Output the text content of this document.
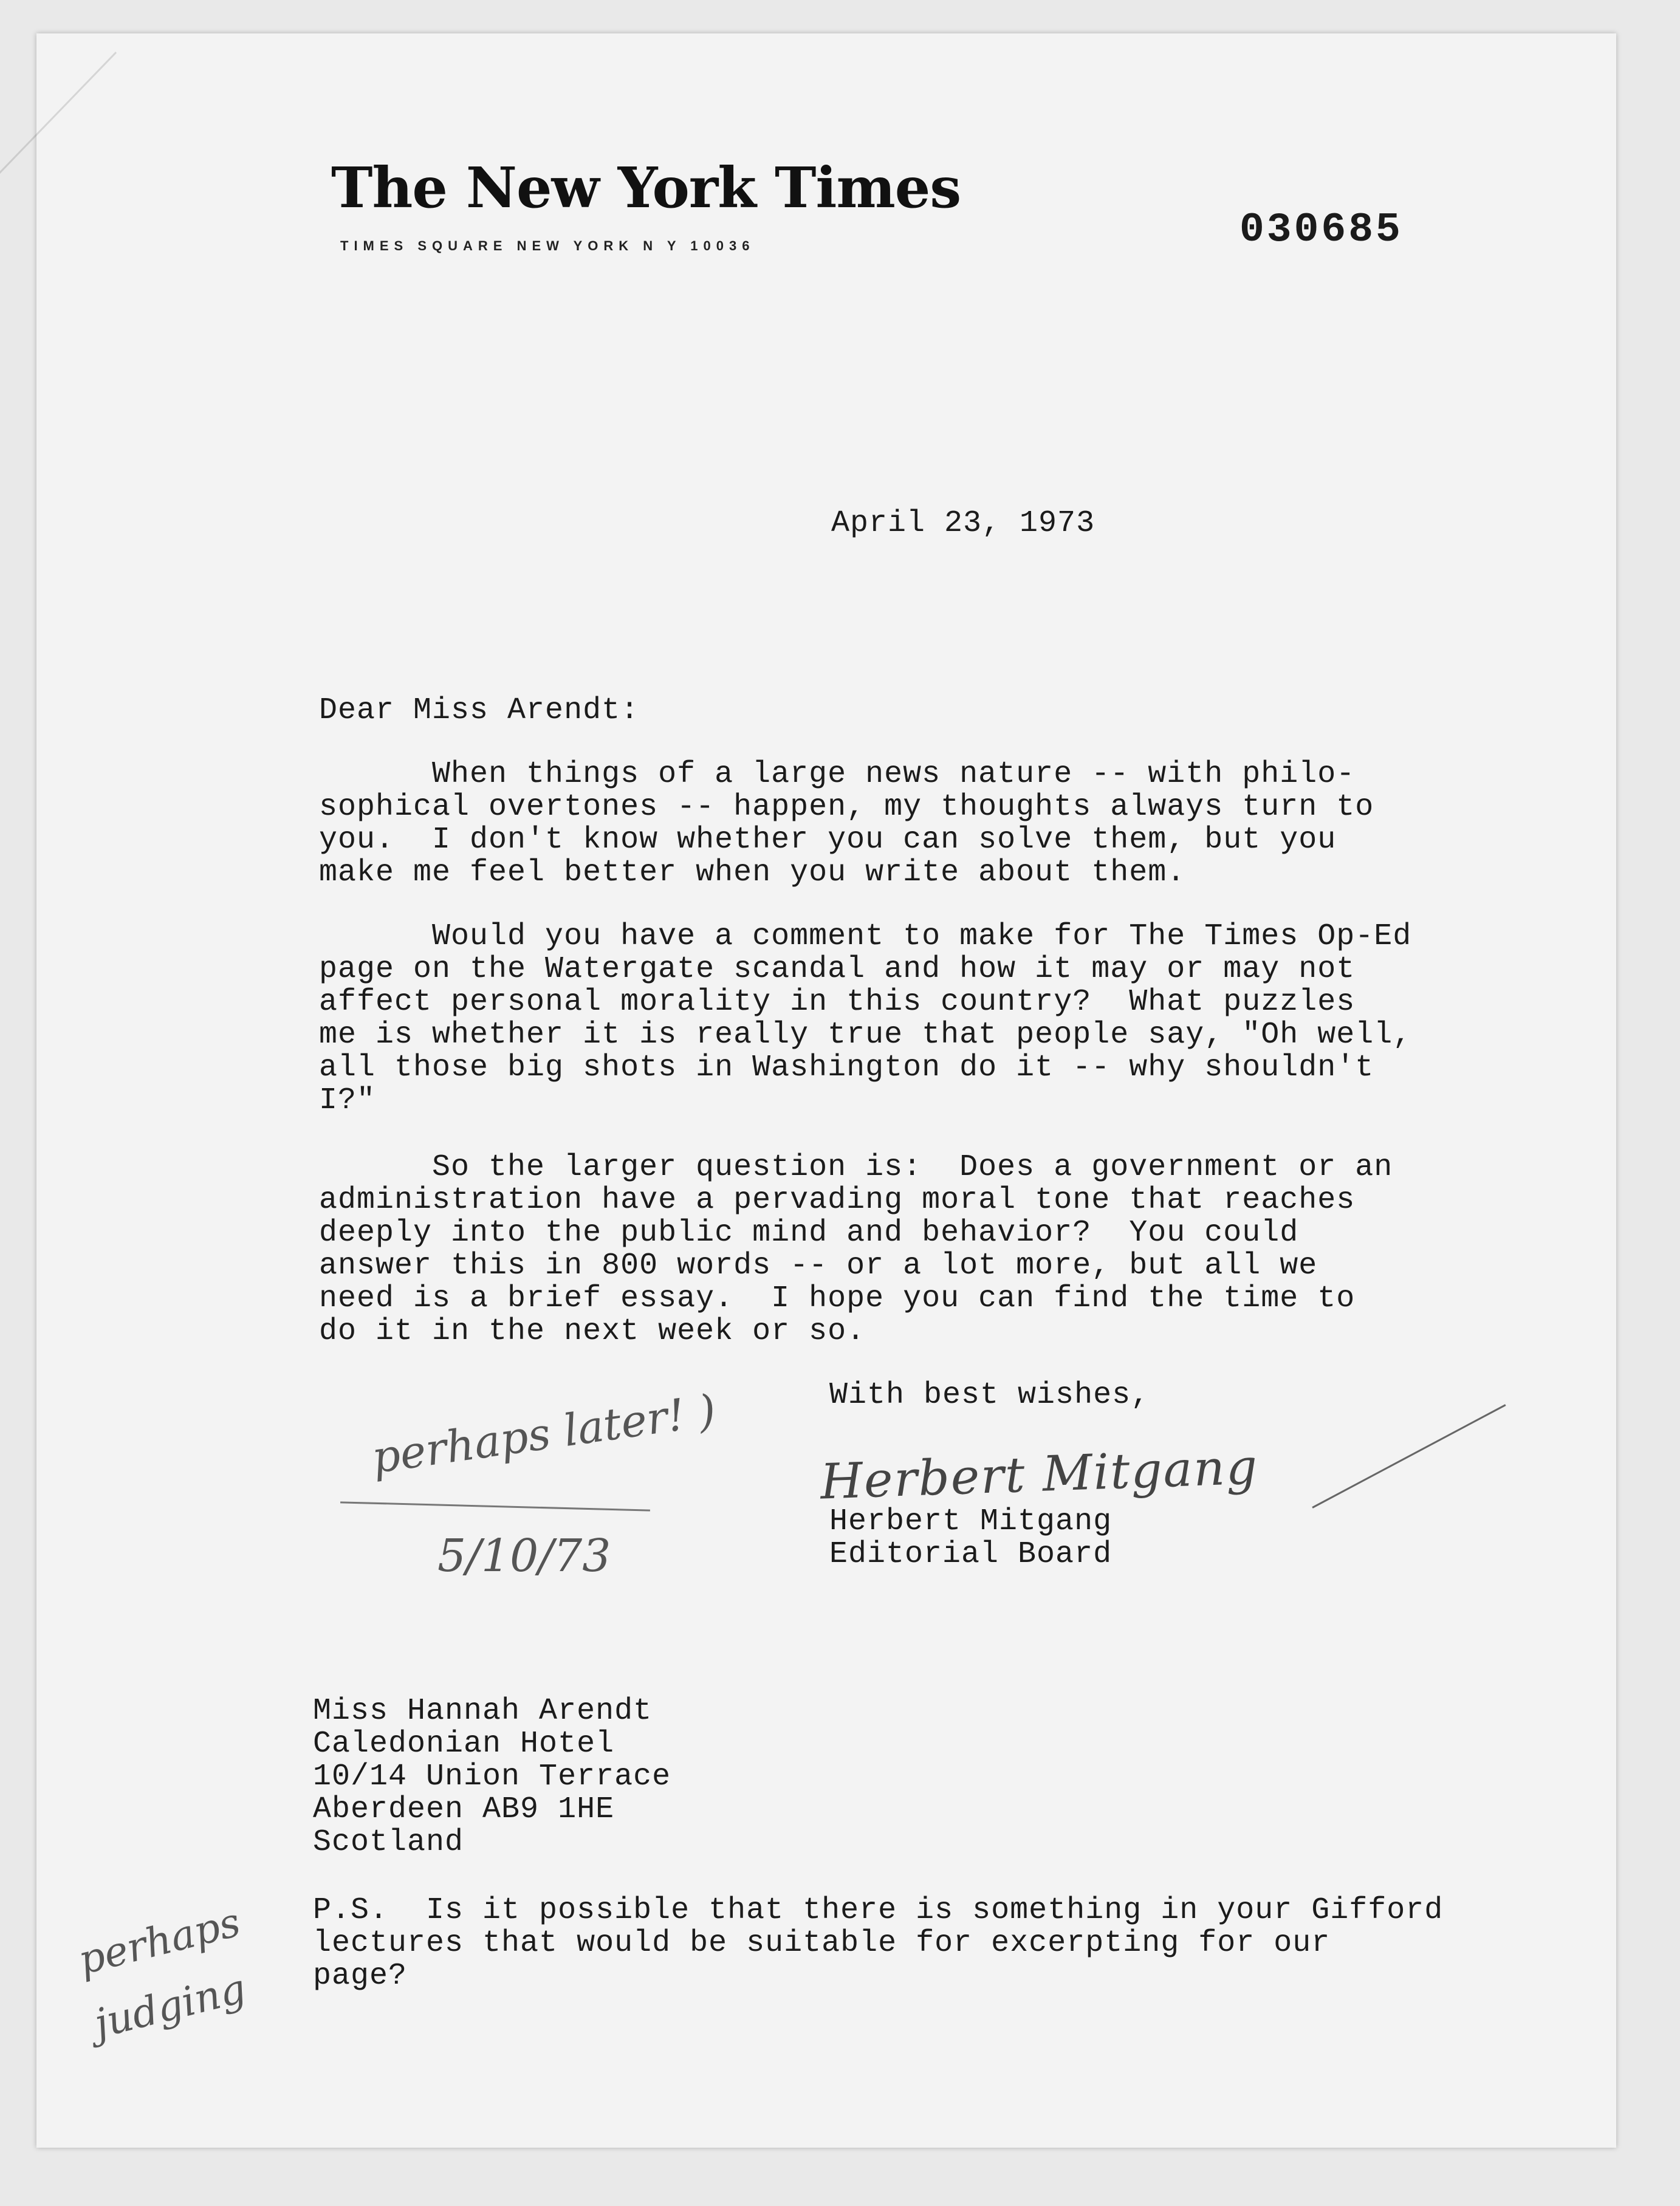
The New York Times
TIMES SQUARE NEW YORK N Y 10036	030685
April 23, 1973
Dear Miss Arendt:
When things of a large news nature -- with philo-
sophical overtones -- happen, my thoughts always turn to
you.  I don't know whether you can solve them, but you
make me feel better when you write about them.
Would you have a comment to make for The Times Op-Ed
page on the Watergate scandal and how it may or may not
affect personal morality in this country?  What puzzles
me is whether it is really true that people say, "Oh well,
all those big shots in Washington do it -- why shouldn't
I?"
So the larger question is:  Does a government or an
administration have a pervading moral tone that reaches
deeply into the public mind and behavior?  You could
answer this in 800 words -- or a lot more, but all we
need is a brief essay.  I hope you can find the time to
do it in the next week or so.
With best wishes,
Herbert Mitgang
Herbert Mitgang
Editorial Board
perhaps later! )
5/10/73
Miss Hannah Arendt
Caledonian Hotel
10/14 Union Terrace
Aberdeen AB9 1HE
Scotland
P.S.  Is it possible that there is something in your Gifford
lectures that would be suitable for excerpting for our
page?
perhaps
judging
